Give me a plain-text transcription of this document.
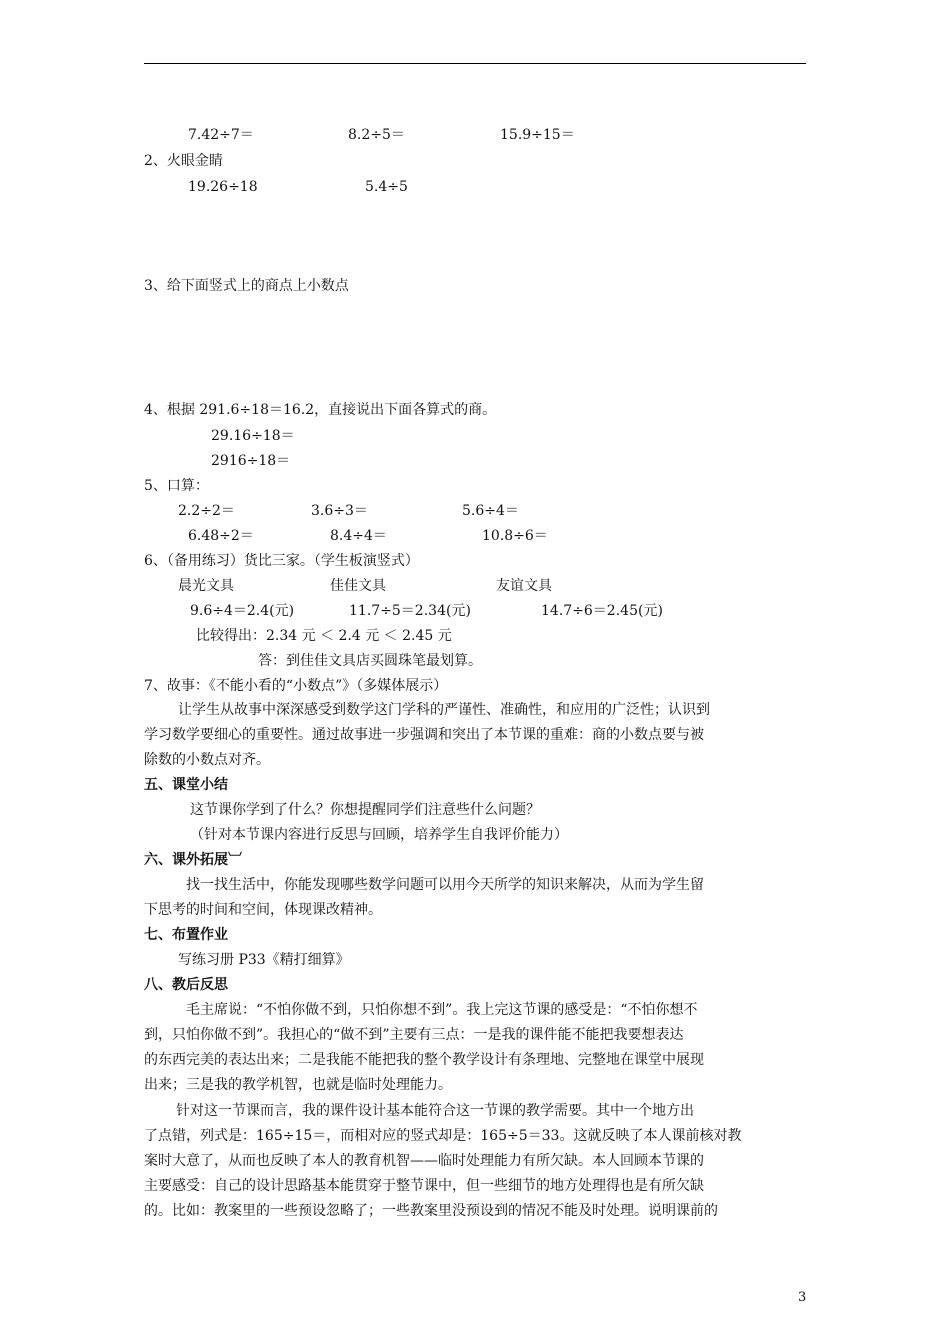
7.42÷7＝	8.2÷5＝	15.9÷15＝
2、火眼金睛
19.26÷18	5.4÷5
3、给下面竖式上的商点上小数点
4、根据 291.6÷18＝16.2，直接说出下面各算式的商。
29.16÷18＝
2916÷18＝
5、口算：
2.2÷2＝	3.6÷3＝	5.6÷4＝
6.48÷2＝	8.4÷4＝	10.8÷6＝
6、（备用练习）货比三家。（学生板演竖式）
晨光文具	佳佳文具	友谊文具
9.6÷4＝2.4(元)	11.7÷5＝2.34(元)	14.7÷6＝2.45(元)
比较得出：2.34 元 ＜ 2.4 元 ＜ 2.45 元
答：到佳佳文具店买圆珠笔最划算。
7、故事：《不能小看的“小数点”》（多媒体展示）
让学生从故事中深深感受到数学这门学科的严谨性、准确性，和应用的广泛性；认识到
学习数学要细心的重要性。通过故事进一步强调和突出了本节课的重难：商的小数点要与被
除数的小数点对齐。
五、课堂小结
这节课你学到了什么？你想提醒同学们注意些什么问题？
（针对本节课内容进行反思与回顾，培养学生自我评价能力）
六、课外拓展︺
找一找生活中，你能发现哪些数学问题可以用今天所学的知识来解决，从而为学生留
下思考的时间和空间，体现课改精神。
七、布置作业
写练习册 P33《精打细算》
八、教后反思
毛主席说：“不怕你做不到，只怕你想不到”。我上完这节课的感受是：“不怕你想不
到，只怕你做不到”。我担心的“做不到”主要有三点：一是我的课件能不能把我要想表达
的东西完美的表达出来；二是我能不能把我的整个教学设计有条理地、完整地在课堂中展现
出来；三是我的教学机智，也就是临时处理能力。
针对这一节课而言，我的课件设计基本能符合这一节课的教学需要。其中一个地方出
了点错，列式是：165÷15＝，而相对应的竖式却是：165÷5＝33。这就反映了本人课前核对教
案时大意了，从而也反映了本人的教育机智——临时处理能力有所欠缺。本人回顾本节课的
主要感受：自己的设计思路基本能贯穿于整节课中，但一些细节的地方处理得也是有所欠缺
的。比如：教案里的一些预设忽略了；一些教案里没预设到的情况不能及时处理。说明课前的
3
